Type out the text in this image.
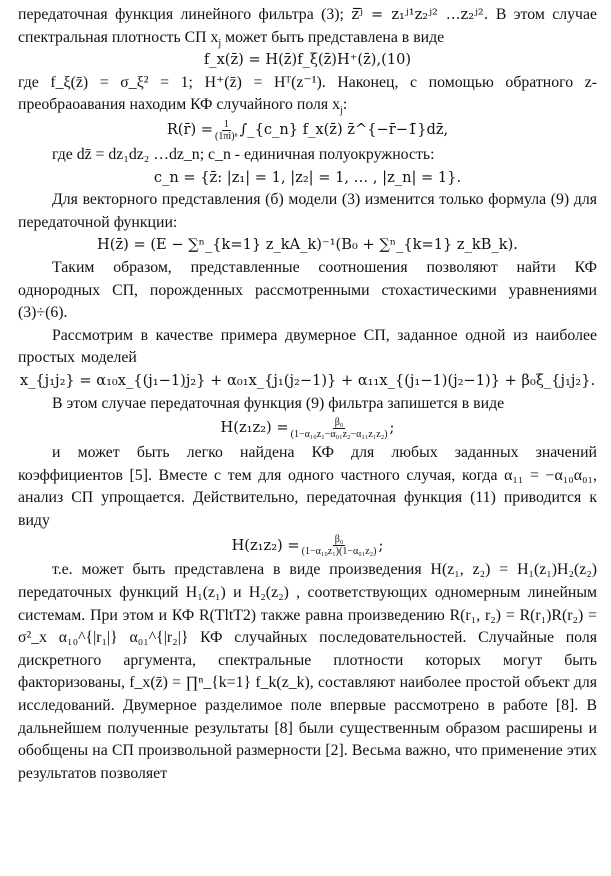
передаточная функция линейного фильтра (3); z̄ʲ̄ = z₁ʲ¹z₂ʲ² …z₂ʲ². В этом случае спектральная плотность СП $x_j$ может быть представлена в виде

f_x(z̄) = H(z̄)f_ξ(z̄)H⁺(z̄),(10)

где f_ξ(z̄) = σ_ξ² = 1; H⁺(z̄) = Hᵀ(z⁻¹). Наконец, с помощью обратного z-преобраоавания находим КФ случайного поля $x_j$:

R(r̄) = $\frac{1}{\text{(1πi)ⁿ}}$ ∫_{c_n} f_x(z̄) z̄^{−r̄−1̄}dz̄,

где dz̄ = dz₁dz₂ …dz_n; c_n - единичная полуокружность:

c_n = {z̄: |z₁| = 1, |z₂| = 1, … , |z_n| = 1}.

Для векторного представления (б) модели (3) изменится только формула (9) для передаточной функции:

H(z̄) = (E − ∑ⁿ_{k=1} z_kA_k)⁻¹(B₀ + ∑ⁿ_{k=1} z_kB_k).

Таким образом, представленные соотношения позволяют найти КФ однородных СП, порожденных рассмотренными стохастическими уравнениями (3)÷(6).

Рассмотрим в качестве примера двумерное СП, заданное одной из наиболее простых моделей

x_{j₁j₂} = α₁₀x_{(j₁−1)j₂} + α₀₁x_{j₁(j₂−1)} + α₁₁x_{(j₁−1)(j₂−1)} + β₀ξ_{j₁j₂}.

В этом случае передаточная функция (9) фильтра запишется в виде

$H(z_1z_2) = \frac{\text{β₀}}{\text{(1−α₁₀z₁−α₀₁z₂−α₁₁z₁z₂)}}$ ;

и может быть легко найдена КФ для любых заданных значений коэффициентов [5]. Вместе с тем для одного частного случая, когда α₁₁ = −α₁₀α₀₁, анализ СП упрощается. Действительно, передаточная функция (11) приводится к виду

$H(z_1z_2) = \frac{\text{β₀}}{\text{(1−α₁₀z₁)(1−α₀₁z₂)}}$ ;

т.е. может быть представлена в виде произведения H(z₁, z₂) = H₁(z₁)H₂(z₂) передаточных функций H₁(z₁) и H₂(z₂) , соответствующих одномерным линейным системам. При этом и КФ R(TltT2) также равна произведению R(r₁, r₂) = R(r₁)R(r₂) = σ²_x α₁₀^{|r₁|} α₀₁^{|r₂|} КФ случайных последовательностей. Случайные поля дискретного аргумента, спектральные плотности которых могут быть факторизованы, f_x(z̄) = ∏ⁿ_{k=1} f_k(z_k), составляют наиболее простой объект для исследований. Двумерное разделимое поле впервые рассмотрено в работе [8]. В дальнейшем полученные результаты [8] были существенным образом расширены и обобщены на СП произвольной размерности [2]. Весьма важно, что применение этих результатов позволяет
